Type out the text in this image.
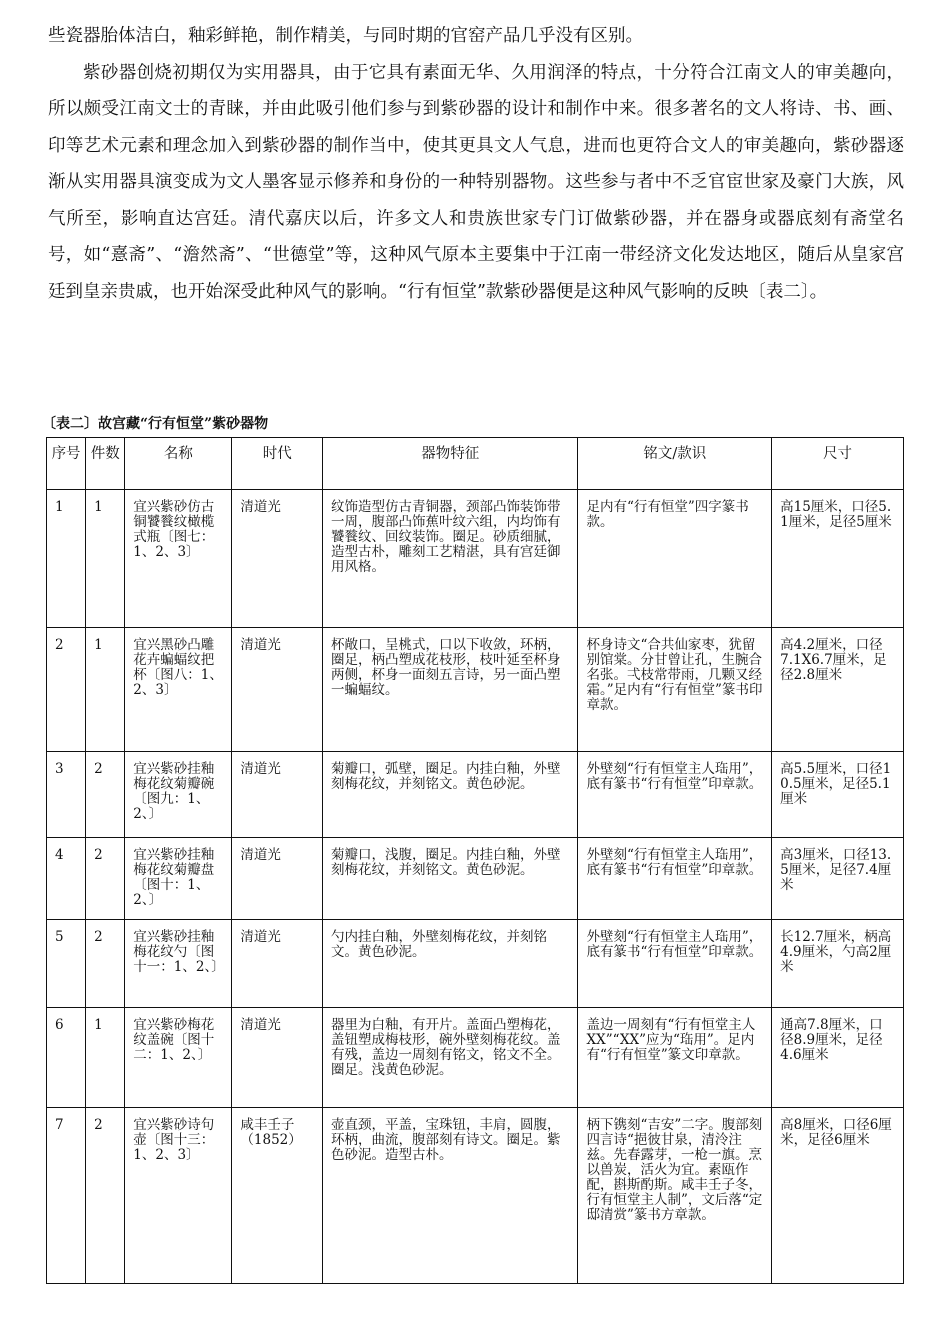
些瓷器胎体洁白，釉彩鲜艳，制作精美，与同时期的官窑产品几乎没有区别。

紫砂器创烧初期仅为实用器具，由于它具有素面无华、久用润泽的特点，十分符合江南文人的审美趣向，所以颇受江南文士的青睐，并由此吸引他们参与到紫砂器的设计和制作中来。很多著名的文人将诗、书、画、印等艺术元素和理念加入到紫砂器的制作当中，使其更具文人气息，进而也更符合文人的审美趣向，紫砂器逐渐从实用器具演变成为文人墨客显示修养和身份的一种特别器物。这些参与者中不乏官宦世家及豪门大族，风气所至，影响直达宫廷。清代嘉庆以后，许多文人和贵族世家专门订做紫砂器，并在器身或器底刻有斋堂名号，如“憙斋”、“澹然斋”、“世德堂”等，这种风气原本主要集中于江南一带经济文化发达地区，随后从皇家宫廷到皇亲贵戚，也开始深受此种风气的影响。“行有恒堂”款紫砂器便是这种风气影响的反映〔表二〕。

〔表二〕故宫藏“行有恒堂”紫砂器物
序号	件数	名称	时代	器物特征	铭文/款识	尺寸
1	1	宜兴紫砂仿古铜饕餮纹橄榄式瓶〔图七：1、2、3〕	清道光	纹饰造型仿古青铜器，颈部凸饰装饰带一周，腹部凸饰蕉叶纹六组，内均饰有饕餮纹、回纹装饰。圈足。砂质细腻，造型古朴，雕刻工艺精湛，具有宫廷御用风格。	足内有“行有恒堂”四字篆书款。	高15厘米，口径5.1厘米，足径5厘米
2	1	宜兴黑砂凸雕花卉蝙蝠纹把杯〔图八：1、2、3〕	清道光	杯敞口，呈桃式，口以下收敛，环柄，圈足，柄凸塑成花枝形，枝叶延至杯身两侧，杯身一面刻五言诗，另一面凸塑一蝙蝠纹。	杯身诗文“合共仙家枣，犹留别馆棠。分甘曾让孔，生腕合名张。弌枝常带雨，几颗又经霜。”足内有“行有恒堂”篆书印章款。	高4.2厘米，口径7.1X6.7厘米，足径2.8厘米
3	2	宜兴紫砂挂釉梅花纹菊瓣碗〔图九：1、2、〕	清道光	菊瓣口，弧壁，圈足。内挂白釉，外壁刻梅花纹，并刻铭文。黄色砂泥。	外壁刻“行有恒堂主人珤用”，底有篆书“行有恒堂”印章款。	高5.5厘米，口径10.5厘米，足径5.1厘米
4	2	宜兴紫砂挂釉梅花纹菊瓣盘〔图十：1、2、〕	清道光	菊瓣口，浅腹，圈足。内挂白釉，外壁刻梅花纹，并刻铭文。黄色砂泥。	外壁刻“行有恒堂主人珤用”，底有篆书“行有恒堂”印章款。	高3厘米，口径13.5厘米，足径7.4厘米
5	2	宜兴紫砂挂釉梅花纹勺〔图十一：1、2、〕	清道光	勺内挂白釉，外壁刻梅花纹，并刻铭文。黄色砂泥。	外壁刻“行有恒堂主人珤用”，底有篆书“行有恒堂”印章款。	长12.7厘米，柄高4.9厘米，勺高2厘米
6	1	宜兴紫砂梅花纹盖碗〔图十二：1、2、〕	清道光	器里为白釉，有开片。盖面凸塑梅花，盖钮塑成梅枝形，碗外壁刻梅花纹。盖有残，盖边一周刻有铭文，铭文不全。圈足。浅黄色砂泥。	盖边一周刻有“行有恒堂主人XX”“XX”应为“珤用”。足内有“行有恒堂”篆文印章款。	通高7.8厘米，口径8.9厘米，足径4.6厘米
7	2	宜兴紫砂诗句壶〔图十三：1、2、3〕	咸丰壬子（1852）	壶直颈，平盖，宝珠钮，丰肩，圆腹，环柄，曲流，腹部刻有诗文。圈足。紫色砂泥。造型古朴。	柄下镌刻“吉安”二字。腹部刻四言诗“挹彼甘泉，清泠注兹。先春露芽，一枪一旗。烹以兽炭，活火为宜。素瓯作配，斟斯酌斯。咸丰壬子冬，行有恒堂主人制”，文后落“定邸清赏”篆书方章款。	高8厘米，口径6厘米，足径6厘米
